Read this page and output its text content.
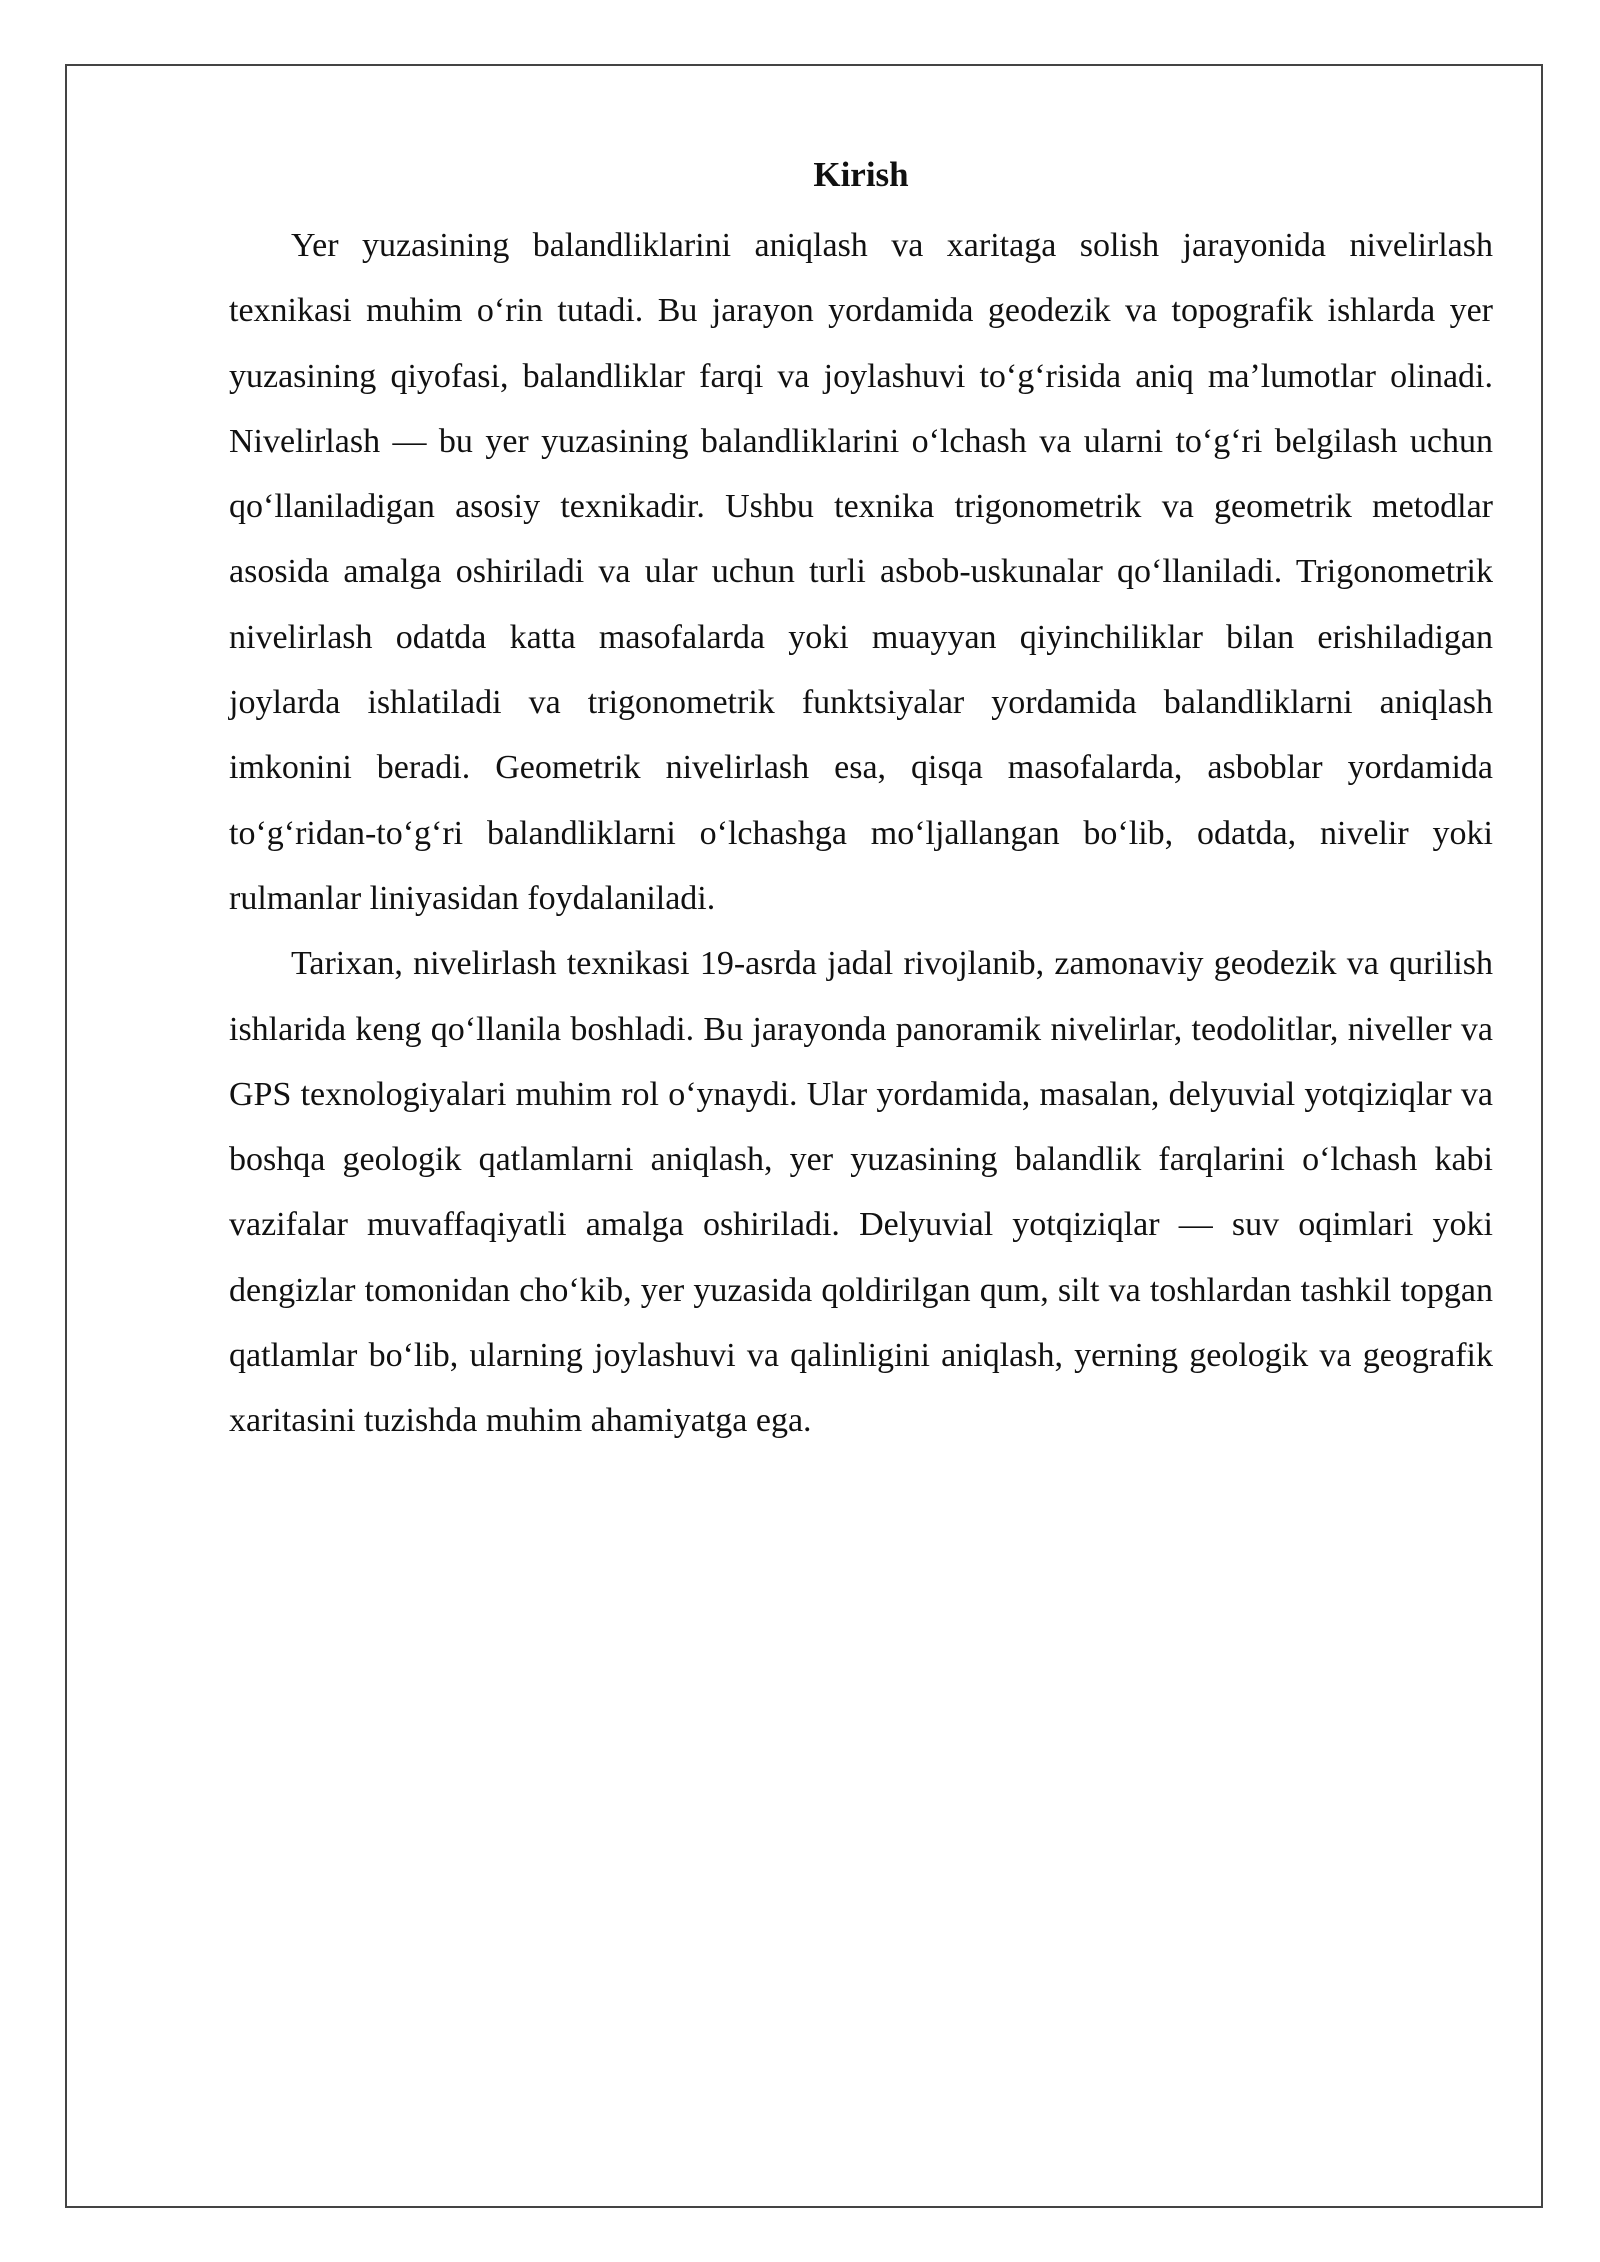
Kirish

Yer yuzasining balandliklarini aniqlash va xaritaga solish jarayonida nivelirlash texnikasi muhim oʻrin tutadi. Bu jarayon yordamida geodezik va topografik ishlarda yer yuzasining qiyofasi, balandliklar farqi va joylashuvi toʻgʻrisida aniq maʼlumotlar olinadi. Nivelirlash — bu yer yuzasining balandliklarini oʻlchash va ularni toʻgʻri belgilash uchun qoʻllaniladigan asosiy texnikadir. Ushbu texnika trigonometrik va geometrik metodlar asosida amalga oshiriladi va ular uchun turli asbob-uskunalar qoʻllaniladi. Trigonometrik nivelirlash odatda katta masofalarda yoki muayyan qiyinchiliklar bilan erishiladigan joylarda ishlatiladi va trigonometrik funktsiyalar yordamida balandliklarni aniqlash imkonini beradi. Geometrik nivelirlash esa, qisqa masofalarda, asboblar yordamida toʻgʻridan-toʻgʻri balandliklarni oʻlchashga moʻljallangan boʻlib, odatda, nivelir yoki rulmanlar liniyasidan foydalaniladi.

Tarixan, nivelirlash texnikasi 19-asrda jadal rivojlanib, zamonaviy geodezik va qurilish ishlarida keng qoʻllanila boshladi. Bu jarayonda panoramik nivelirlar, teodolitlar, niveller va GPS texnologiyalari muhim rol oʻynaydi. Ular yordamida, masalan, delyuvial yotqiziqlar va boshqa geologik qatlamlarni aniqlash, yer yuzasining balandlik farqlarini oʻlchash kabi vazifalar muvaffaqiyatli amalga oshiriladi. Delyuvial yotqiziqlar — suv oqimlari yoki dengizlar tomonidan choʻkib, yer yuzasida qoldirilgan qum, silt va toshlardan tashkil topgan qatlamlar boʻlib, ularning joylashuvi va qalinligini aniqlash, yerning geologik va geografik xaritasini tuzishda muhim ahamiyatga ega.
